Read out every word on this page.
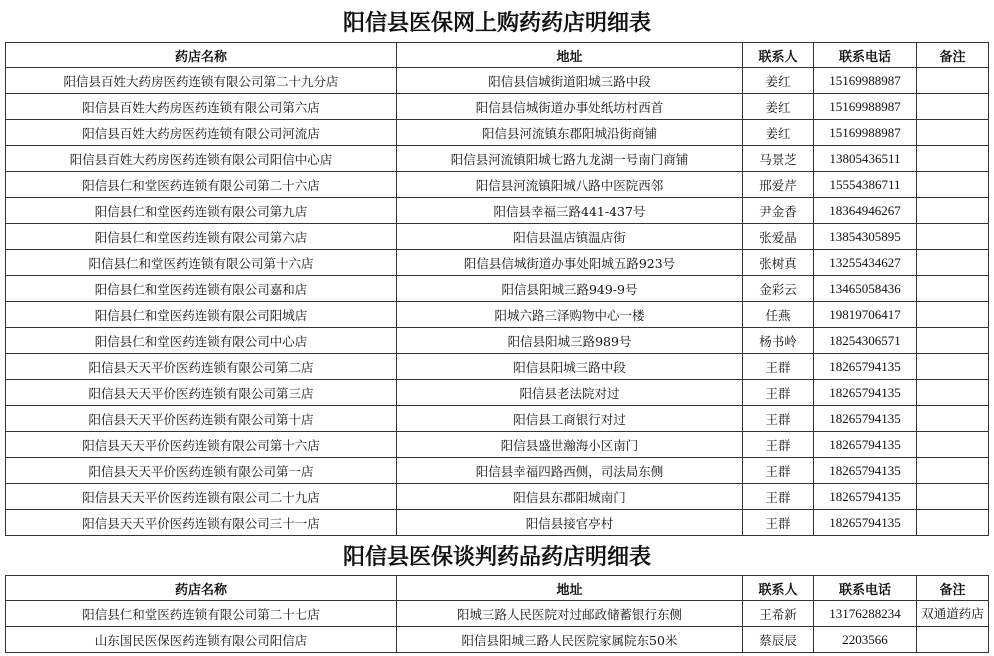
阳信县医保网上购药药店明细表
药店名称	地址	联系人	联系电话	备注
阳信县百姓大药房医药连锁有限公司第二十九分店	阳信县信城街道阳城三路中段	姜红	15169988987	
阳信县百姓大药房医药连锁有限公司第六店	阳信县信城街道办事处纸坊村西首	姜红	15169988987	
阳信县百姓大药房医药连锁有限公司河流店	阳信县河流镇东郡阳城沿街商铺	姜红	15169988987	
阳信县百姓大药房医药连锁有限公司阳信中心店	阳信县河流镇阳城七路九龙湖一号南门商铺	马景芝	13805436511	
阳信县仁和堂医药连锁有限公司第二十六店	阳信县河流镇阳城八路中医院西邻	邢爱芹	15554386711	
阳信县仁和堂医药连锁有限公司第九店	阳信县幸福三路441-437号	尹金香	18364946267	
阳信县仁和堂医药连锁有限公司第六店	阳信县温店镇温店街	张爱晶	13854305895	
阳信县仁和堂医药连锁有限公司第十六店	阳信县信城街道办事处阳城五路923号	张树真	13255434627	
阳信县仁和堂医药连锁有限公司嘉和店	阳信县阳城三路949-9号	金彩云	13465058436	
阳信县仁和堂医药连锁有限公司阳城店	阳城六路三泽购物中心一楼	任燕	19819706417	
阳信县仁和堂医药连锁有限公司中心店	阳信县阳城三路989号	杨书岭	18254306571	
阳信县天天平价医药连锁有限公司第二店	阳信县阳城三路中段	王群	18265794135	
阳信县天天平价医药连锁有限公司第三店	阳信县老法院对过	王群	18265794135	
阳信县天天平价医药连锁有限公司第十店	阳信县工商银行对过	王群	18265794135	
阳信县天天平价医药连锁有限公司第十六店	阳信县盛世瀚海小区南门	王群	18265794135	
阳信县天天平价医药连锁有限公司第一店	阳信县幸福四路西侧，司法局东侧	王群	18265794135	
阳信县天天平价医药连锁有限公司二十九店	阳信县东郡阳城南门	王群	18265794135	
阳信县天天平价医药连锁有限公司三十一店	阳信县接官亭村	王群	18265794135	
阳信县医保谈判药品药店明细表
药店名称	地址	联系人	联系电话	备注
阳信县仁和堂医药连锁有限公司第二十七店	阳城三路人民医院对过邮政储蓄银行东侧	王希新	13176288234	双通道药店
山东国民医保医药连锁有限公司阳信店	阳信县阳城三路人民医院家属院东50米	蔡辰辰	2203566	
